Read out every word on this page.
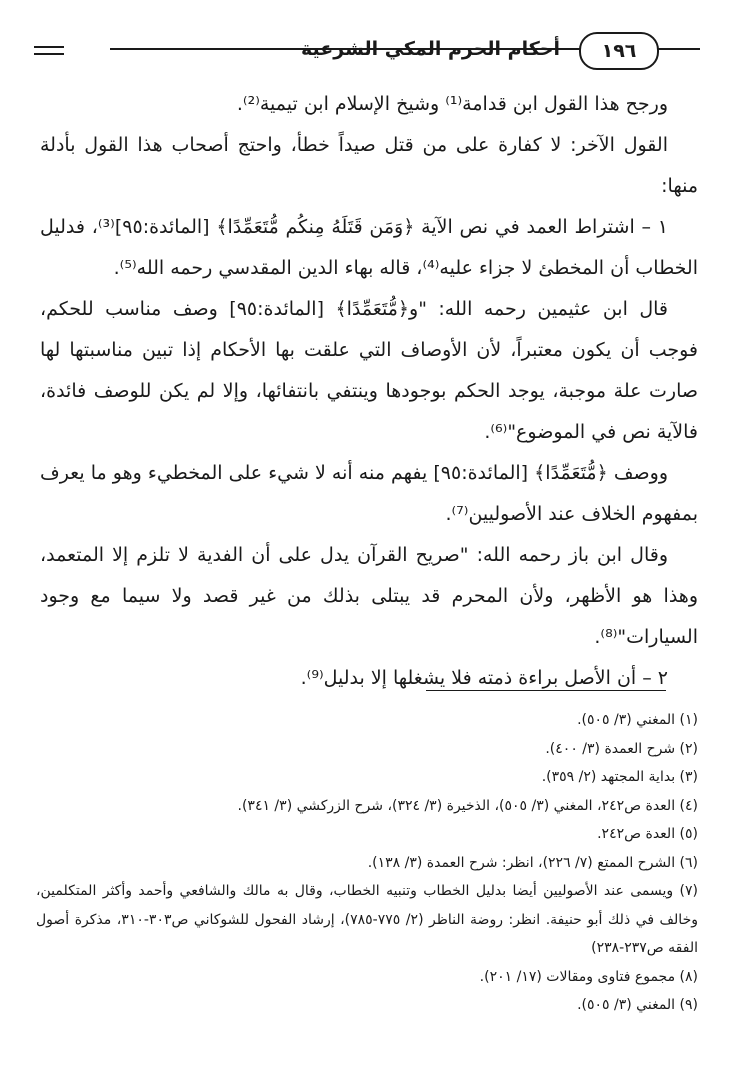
١٩٦
أحكام الحرم المكي الشرعية

ورجح هذا القول ابن قدامة⁽¹⁾ وشيخ الإسلام ابن تيمية⁽²⁾.

القول الآخر: لا كفارة على من قتل صيداً خطأ، واحتج أصحاب هذا القول بأدلة منها:

١ – اشتراط العمد في نص الآية ﴿وَمَن قَتَلَهُ مِنكُم مُّتَعَمِّدًا﴾ [المائدة:٩٥]⁽³⁾، فدليل الخطاب أن المخطئ لا جزاء عليه⁽⁴⁾، قاله بهاء الدين المقدسي رحمه الله⁽⁵⁾.

قال ابن عثيمين رحمه الله: "و﴿مُّتَعَمِّدًا﴾ [المائدة:٩٥] وصف مناسب للحكم، فوجب أن يكون معتبراً، لأن الأوصاف التي علقت بها الأحكام إذا تبين مناسبتها لها صارت علة موجبة، يوجد الحكم بوجودها وينتفي بانتفائها، وإلا لم يكن للوصف فائدة، فالآية نص في الموضوع"⁽⁶⁾.

ووصف ﴿مُّتَعَمِّدًا﴾ [المائدة:٩٥] يفهم منه أنه لا شيء على المخطيء وهو ما يعرف بمفهوم الخلاف عند الأصوليين⁽⁷⁾.

وقال ابن باز رحمه الله: "صريح القرآن يدل على أن الفدية لا تلزم إلا المتعمد، وهذا هو الأظهر، ولأن المحرم قد يبتلى بذلك من غير قصد ولا سيما مع وجود السيارات"⁽⁸⁾.

٢ – أن الأصل براءة ذمته فلا يشغلها إلا بدليل⁽⁹⁾.

(١) المغني (٣/ ٥٠٥).

(٢) شرح العمدة (٣/ ٤٠٠).

(٣) بداية المجتهد (٢/ ٣٥٩).

(٤) العدة ص٢٤٢، المغني (٣/ ٥٠٥)، الذخيرة (٣/ ٣٢٤)، شرح الزركشي (٣/ ٣٤١).

(٥) العدة ص٢٤٢.

(٦) الشرح الممتع (٧/ ٢٢٦)، انظر: شرح العمدة (٣/ ١٣٨).

(٧) ويسمى عند الأصوليين أيضا بدليل الخطاب وتنبيه الخطاب، وقال به مالك والشافعي وأحمد وأكثر المتكلمين، وخالف في ذلك أبو حنيفة. انظر: روضة الناظر (٢/ ٧٧٥-٧٨٥)، إرشاد الفحول للشوكاني ص٣٠٣-٣١٠، مذكرة أصول الفقه ص٢٣٧-٢٣٨)

(٨) مجموع فتاوى ومقالات (١٧/ ٢٠١).

(٩) المغني (٣/ ٥٠٥).
